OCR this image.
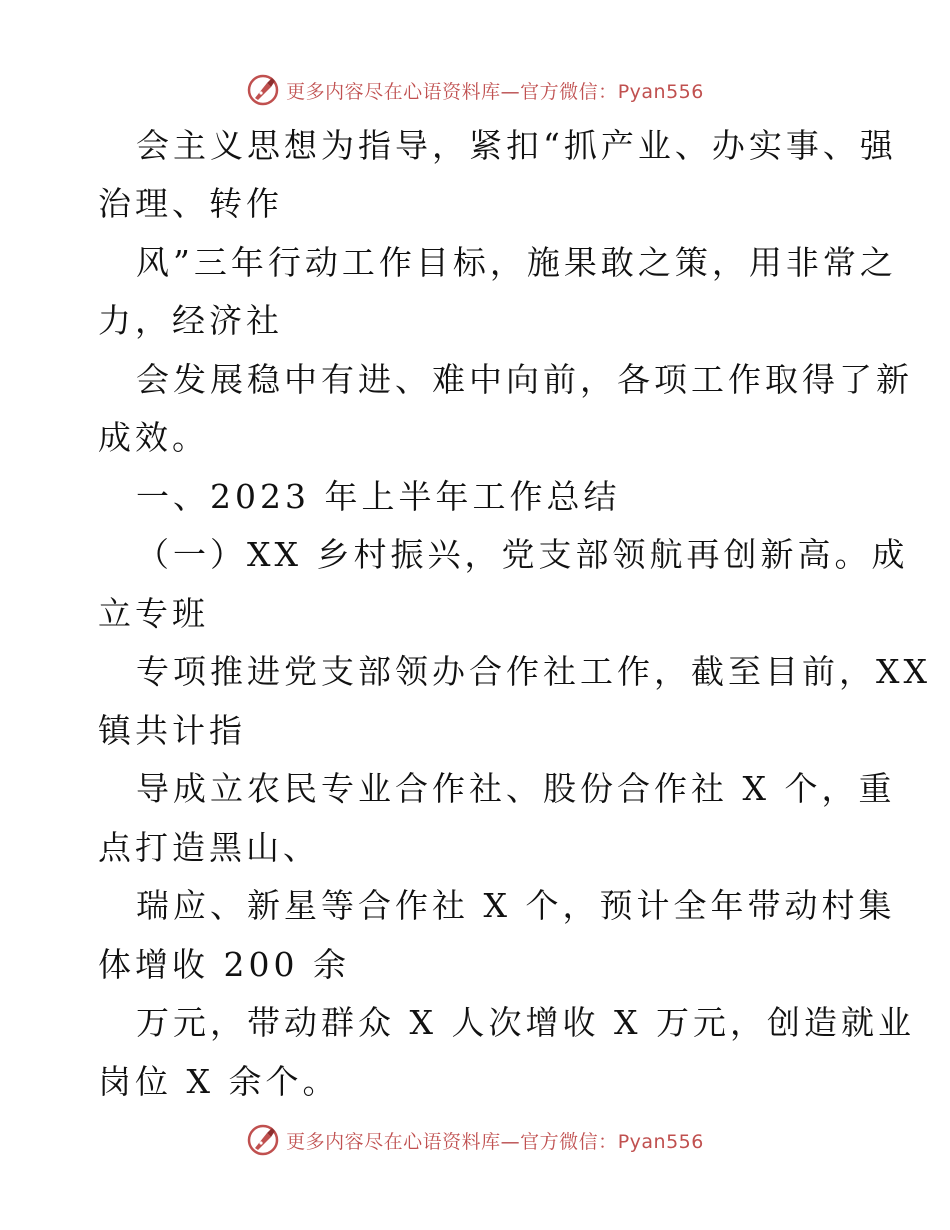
更多内容尽在心语资料库—官方微信：Pyan556
会主义思想为指导，紧扣“抓产业、办实事、强
治理、转作
风”三年行动工作目标，施果敢之策，用非常之
力，经济社
会发展稳中有进、难中向前，各项工作取得了新
成效。
一、2023 年上半年工作总结
（一）XX 乡村振兴，党支部领航再创新高。成
立专班
专项推进党支部领办合作社工作，截至目前，XX
镇共计指
导成立农民专业合作社、股份合作社 X 个，重
点打造黑山、
瑞应、新星等合作社 X 个，预计全年带动村集
体增收 200 余
万元，带动群众 X 人次增收 X 万元，创造就业
岗位 X 余个。
更多内容尽在心语资料库—官方微信：Pyan556
